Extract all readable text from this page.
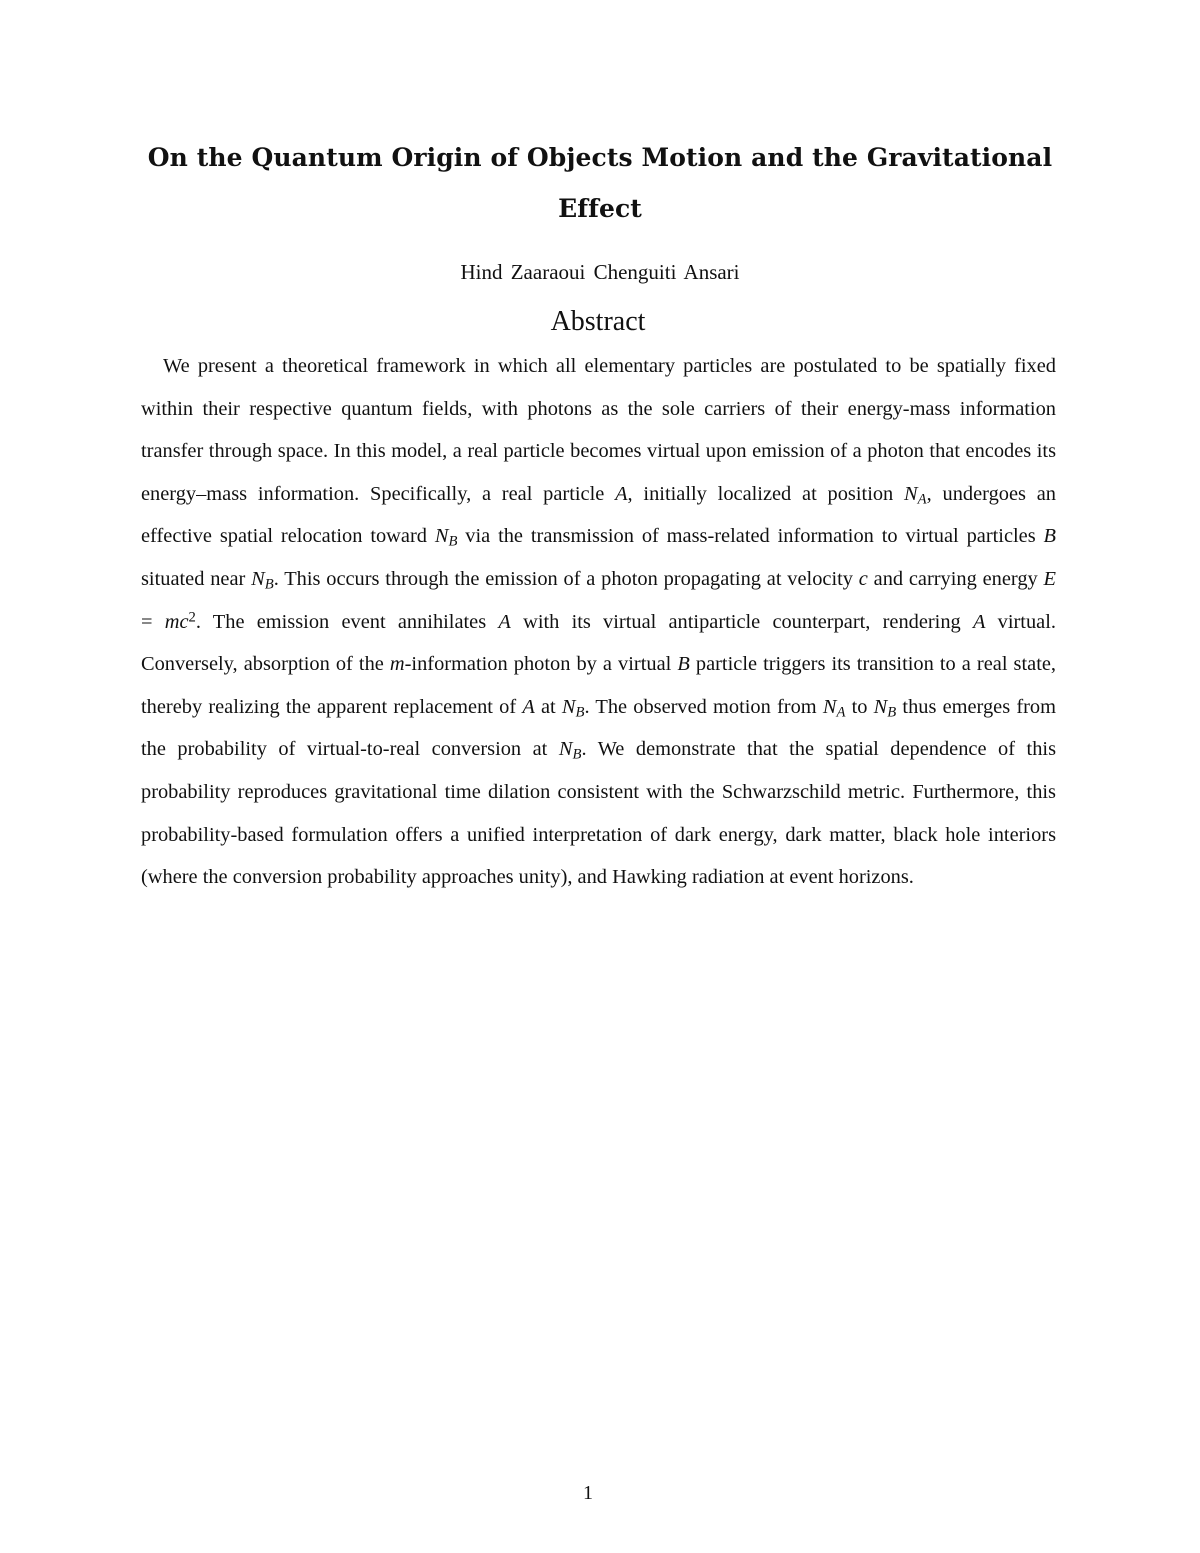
On the Quantum Origin of Objects Motion and the Gravitational Effect
Hind Zaaraoui Chenguiti Ansari
Abstract

We present a theoretical framework in which all elementary particles are postulated to be spatially fixed within their respective quantum fields, with photons as the sole carriers of their energy-mass information transfer through space. In this model, a real particle becomes virtual upon emission of a photon that encodes its energy–mass information. Specifically, a real particle A, initially localized at position $N_A$, undergoes an effective spatial relocation toward $N_B$ via the transmission of mass-related information to virtual particles B situated near $N_B$. This occurs through the emission of a photon propagating at velocity c and carrying energy $E = mc^2$. The emission event annihilates A with its virtual antiparticle counterpart, rendering A virtual. Conversely, absorption of the m-information photon by a virtual B particle triggers its transition to a real state, thereby realizing the apparent replacement of A at $N_B$. The observed motion from $N_A$ to $N_B$ thus emerges from the probability of virtual-to-real conversion at $N_B$. We demonstrate that the spatial dependence of this probability reproduces gravitational time dilation consistent with the Schwarzschild metric. Furthermore, this probability-based formulation offers a unified interpretation of dark energy, dark matter, black hole interiors (where the conversion probability approaches unity), and Hawking radiation at event horizons.

1
